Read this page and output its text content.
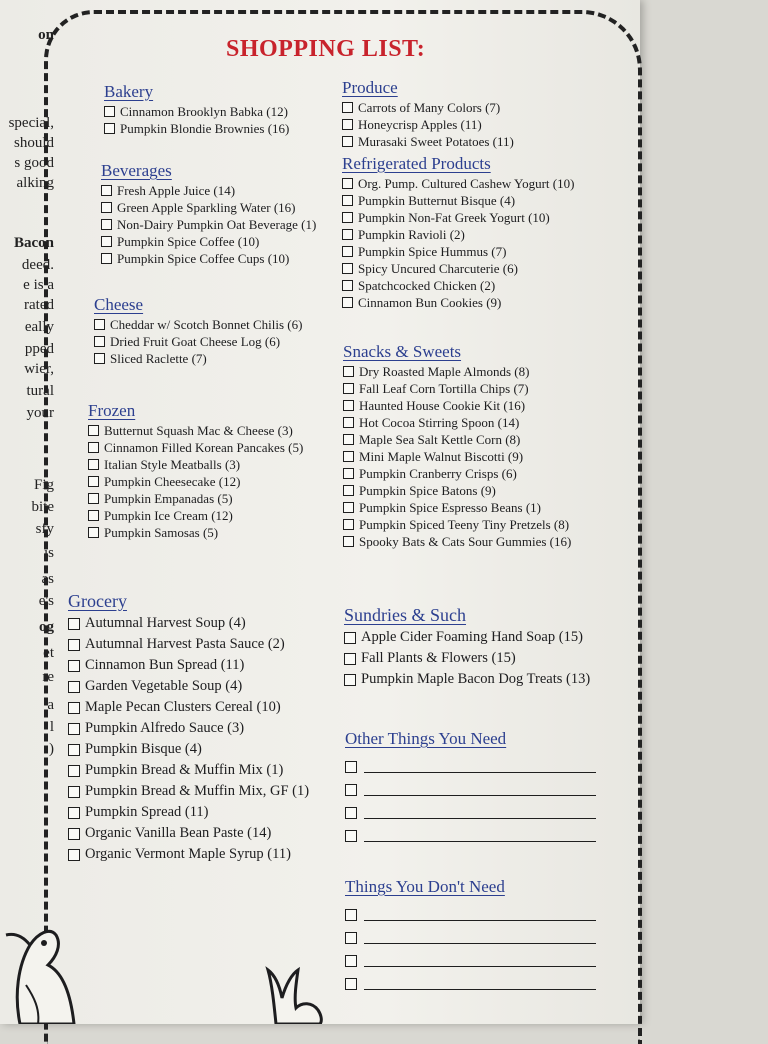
on
special,
should
s good
alking
Bacon
deed.
e is a
rated
eally
pped
wier,
tural
your
Fig
bite
sfy
is
as
e's
og
et
re
a
l
)
SHOPPING LIST:
Bakery
Cinnamon Brooklyn Babka (12)
Pumpkin Blondie Brownies (16)
Beverages
Fresh Apple Juice (14)
Green Apple Sparkling Water (16)
Non-Dairy Pumpkin Oat Beverage (1)
Pumpkin Spice Coffee (10)
Pumpkin Spice Coffee Cups (10)
Cheese
Cheddar w/ Scotch Bonnet Chilis (6)
Dried Fruit Goat Cheese Log (6)
Sliced Raclette (7)
Frozen
Butternut Squash Mac & Cheese (3)
Cinnamon Filled Korean Pancakes (5)
Italian Style Meatballs (3)
Pumpkin Cheesecake (12)
Pumpkin Empanadas (5)
Pumpkin Ice Cream (12)
Pumpkin Samosas (5)
Grocery
Autumnal Harvest Soup (4)
Autumnal Harvest Pasta Sauce (2)
Cinnamon Bun Spread (11)
Garden Vegetable Soup (4)
Maple Pecan Clusters Cereal (10)
Pumpkin Alfredo Sauce (3)
Pumpkin Bisque (4)
Pumpkin Bread & Muffin Mix (1)
Pumpkin Bread & Muffin Mix, GF (1)
Pumpkin Spread (11)
Organic Vanilla Bean Paste (14)
Organic Vermont Maple Syrup (11)
Produce
Carrots of Many Colors (7)
Honeycrisp Apples (11)
Murasaki Sweet Potatoes (11)
Refrigerated Products
Org. Pump. Cultured Cashew Yogurt (10)
Pumpkin Butternut Bisque (4)
Pumpkin Non-Fat Greek Yogurt (10)
Pumpkin Ravioli (2)
Pumpkin Spice Hummus (7)
Spicy Uncured Charcuterie (6)
Spatchcocked Chicken (2)
Cinnamon Bun Cookies (9)
Snacks & Sweets
Dry Roasted Maple Almonds (8)
Fall Leaf Corn Tortilla Chips (7)
Haunted House Cookie Kit (16)
Hot Cocoa Stirring Spoon (14)
Maple Sea Salt Kettle Corn (8)
Mini Maple Walnut Biscotti (9)
Pumpkin Cranberry Crisps (6)
Pumpkin Spice Batons (9)
Pumpkin Spice Espresso Beans (1)
Pumpkin Spiced Teeny Tiny Pretzels (8)
Spooky Bats & Cats Sour Gummies (16)
Sundries & Such
Apple Cider Foaming Hand Soap (15)
Fall Plants & Flowers (15)
Pumpkin Maple Bacon Dog Treats (13)
Other Things You Need
Things You Don't Need
